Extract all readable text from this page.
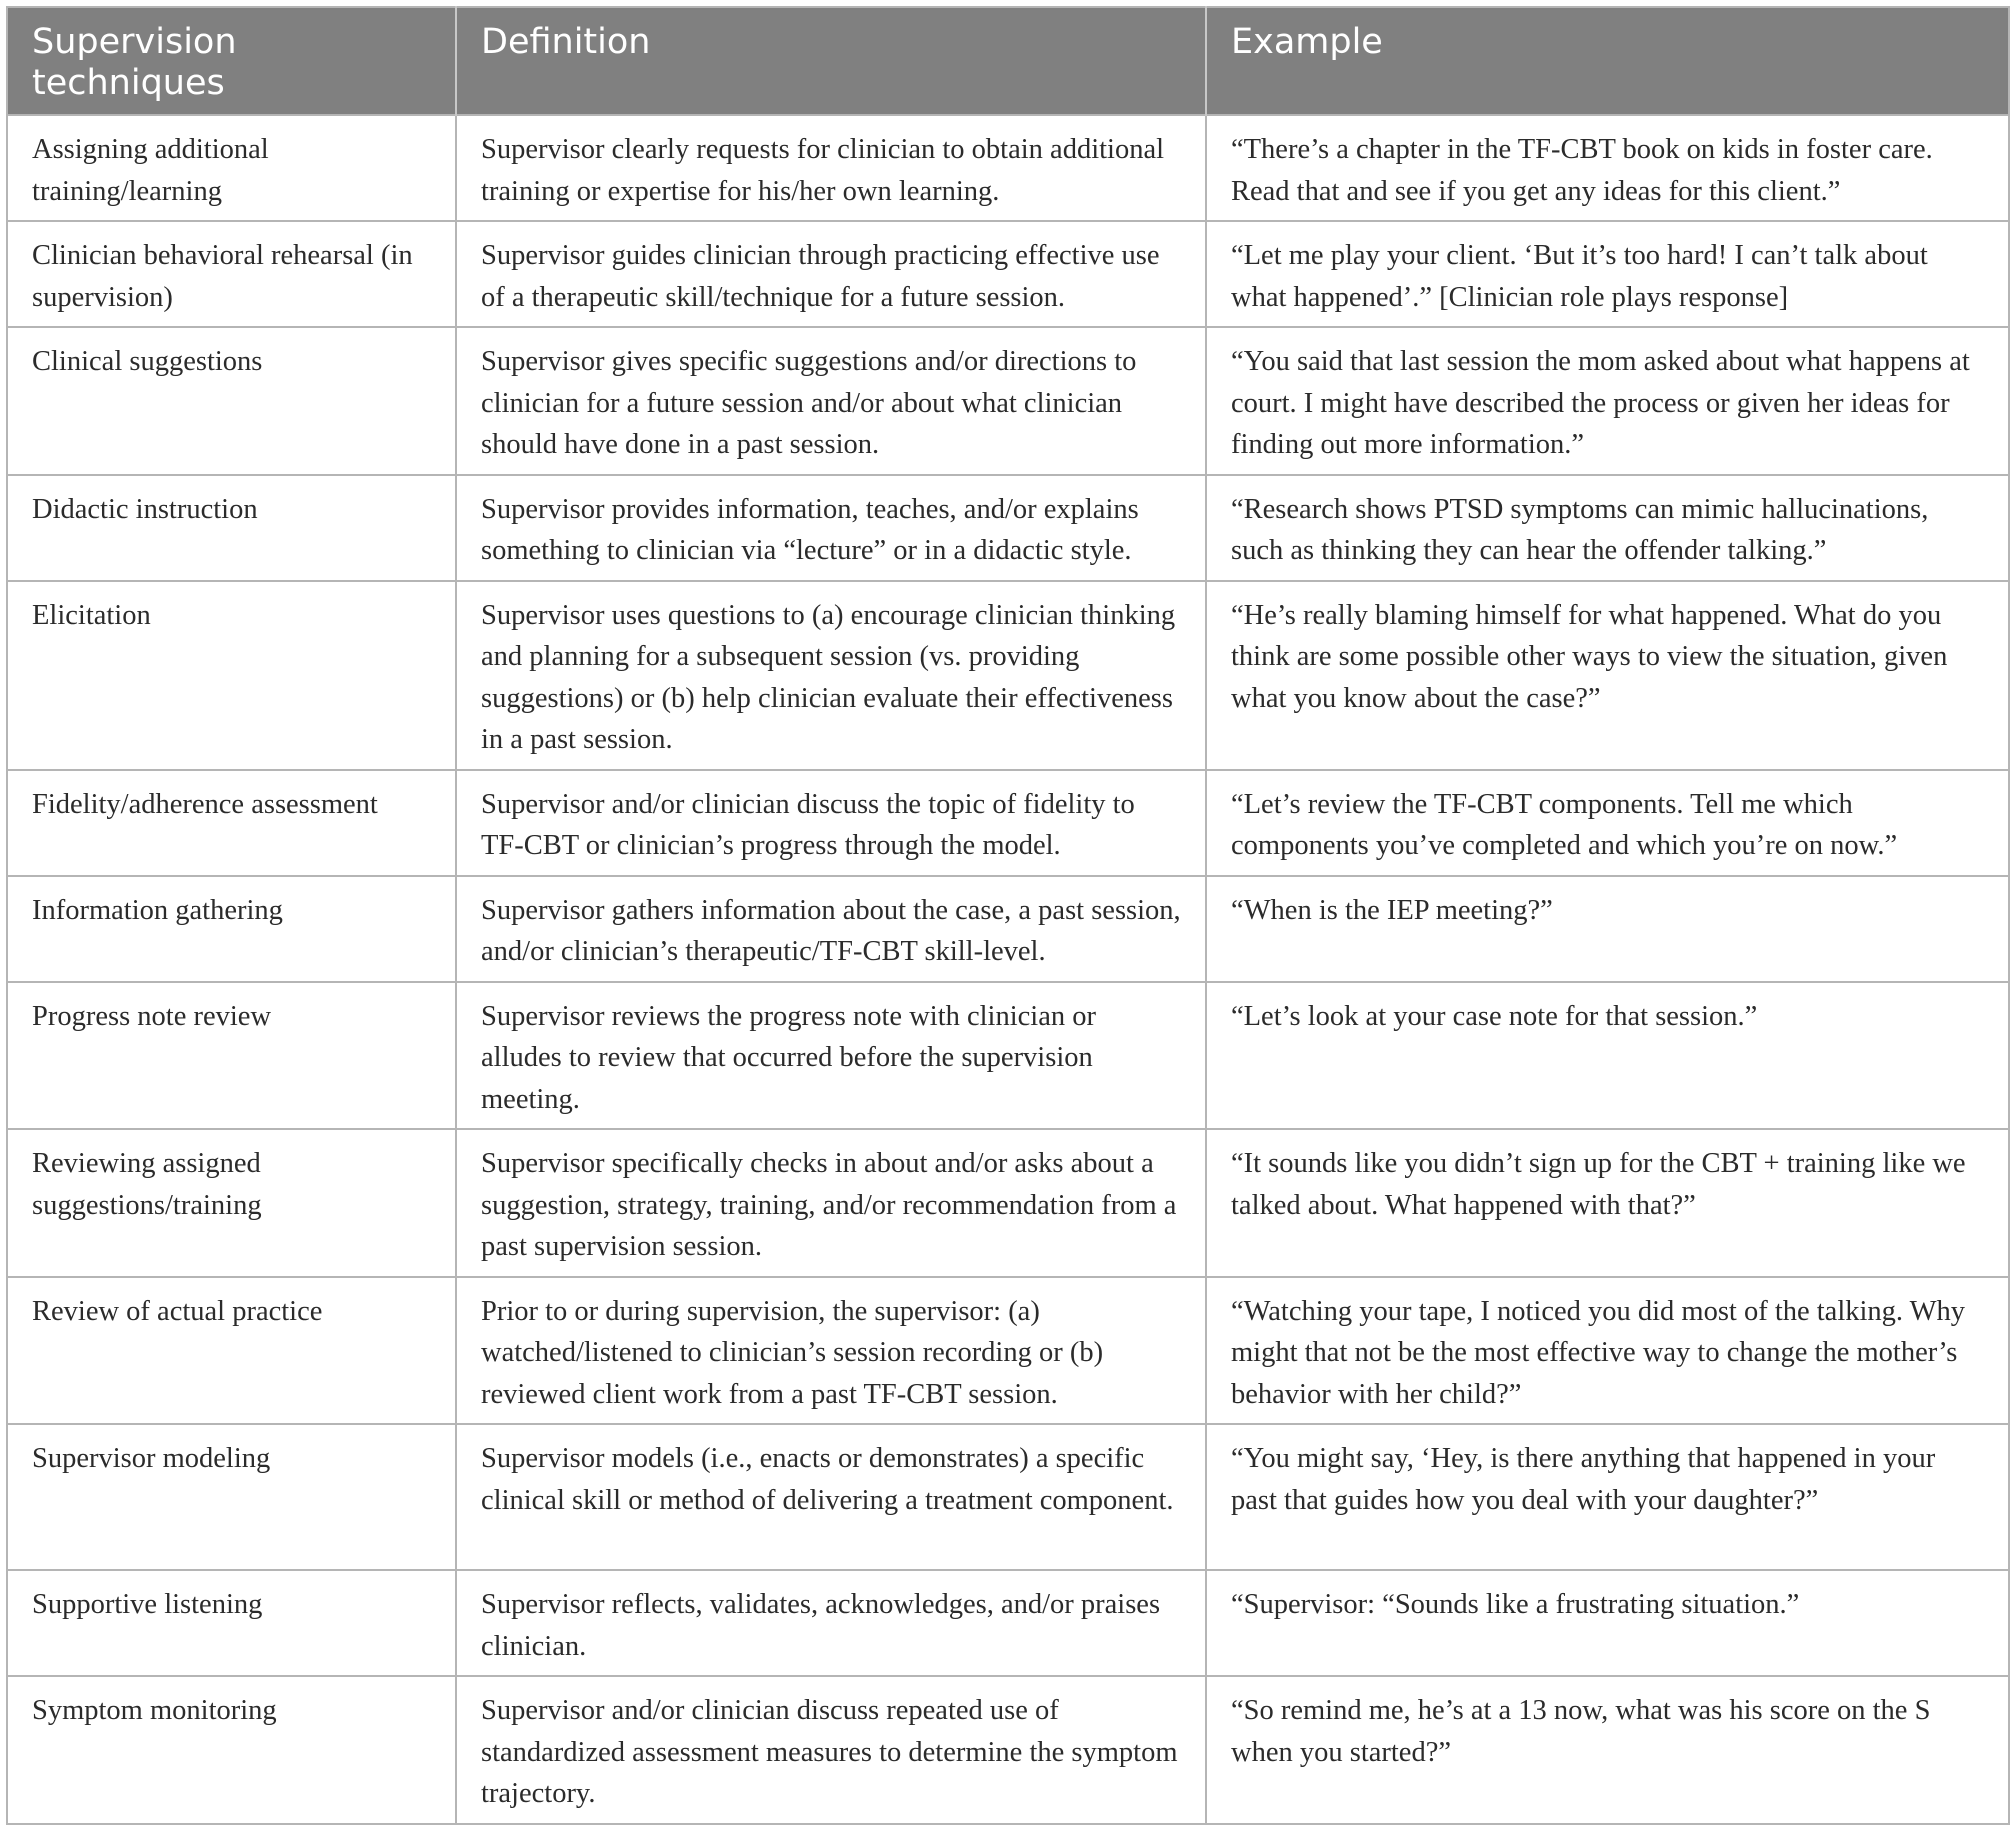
Supervision techniques	Definition	Example
Assigning additional training/learning	Supervisor clearly requests for clinician to obtain additional training or expertise for his/her own learning.	“There’s a chapter in the TF-CBT book on kids in foster care. Read that and see if you get any ideas for this client.”
Clinician behavioral rehearsal (in supervision)	Supervisor guides clinician through practicing effective use of a therapeutic skill/technique for a future session.	“Let me play your client. ‘But it’s too hard! I can’t talk about what happened’.” [Clinician role plays response]
Clinical suggestions	Supervisor gives specific suggestions and/or directions to clinician for a future session and/or about what clinician should have done in a past session.	“You said that last session the mom asked about what happens at court. I might have described the process or given her ideas for finding out more information.”
Didactic instruction	Supervisor provides information, teaches, and/or explains something to clinician via “lecture” or in a didactic style.	“Research shows PTSD symptoms can mimic hallucinations, such as thinking they can hear the offender talking.”
Elicitation	Supervisor uses questions to (a) encourage clinician thinking and planning for a subsequent session (vs. providing suggestions) or (b) help clinician evaluate their effectiveness in a past session.	“He’s really blaming himself for what happened. What do you think are some possible other ways to view the situation, given what you know about the case?”
Fidelity/adherence assessment	Supervisor and/or clinician discuss the topic of fidelity to TF-CBT or clinician’s progress through the model.	“Let’s review the TF-CBT components. Tell me which components you’ve completed and which you’re on now.”
Information gathering	Supervisor gathers information about the case, a past session, and/or clinician’s therapeutic/TF-CBT skill-level.	“When is the IEP meeting?”
Progress note review	Supervisor reviews the progress note with clinician or alludes to review that occurred before the supervision meeting.	“Let’s look at your case note for that session.”
Reviewing assigned suggestions/training	Supervisor specifically checks in about and/or asks about a suggestion, strategy, training, and/or recommendation from a past supervision session.	“It sounds like you didn’t sign up for the CBT + training like we talked about. What happened with that?”
Review of actual practice	Prior to or during supervision, the supervisor: (a) watched/listened to clinician’s session recording or (b) reviewed client work from a past TF-CBT session.	“Watching your tape, I noticed you did most of the talking. Why might that not be the most effective way to change the mother’s behavior with her child?”
Supervisor modeling	Supervisor models (i.e., enacts or demonstrates) a specific clinical skill or method of delivering a treatment component.	“You might say, ‘Hey, is there anything that happened in your past that guides how you deal with your daughter?”
Supportive listening	Supervisor reflects, validates, acknowledges, and/or praises clinician.	“Supervisor: “Sounds like a frustrating situation.”
Symptom monitoring	Supervisor and/or clinician discuss repeated use of standardized assessment measures to determine the symptom trajectory.	“So remind me, he’s at a 13 now, what was his score on the S when you started?”
